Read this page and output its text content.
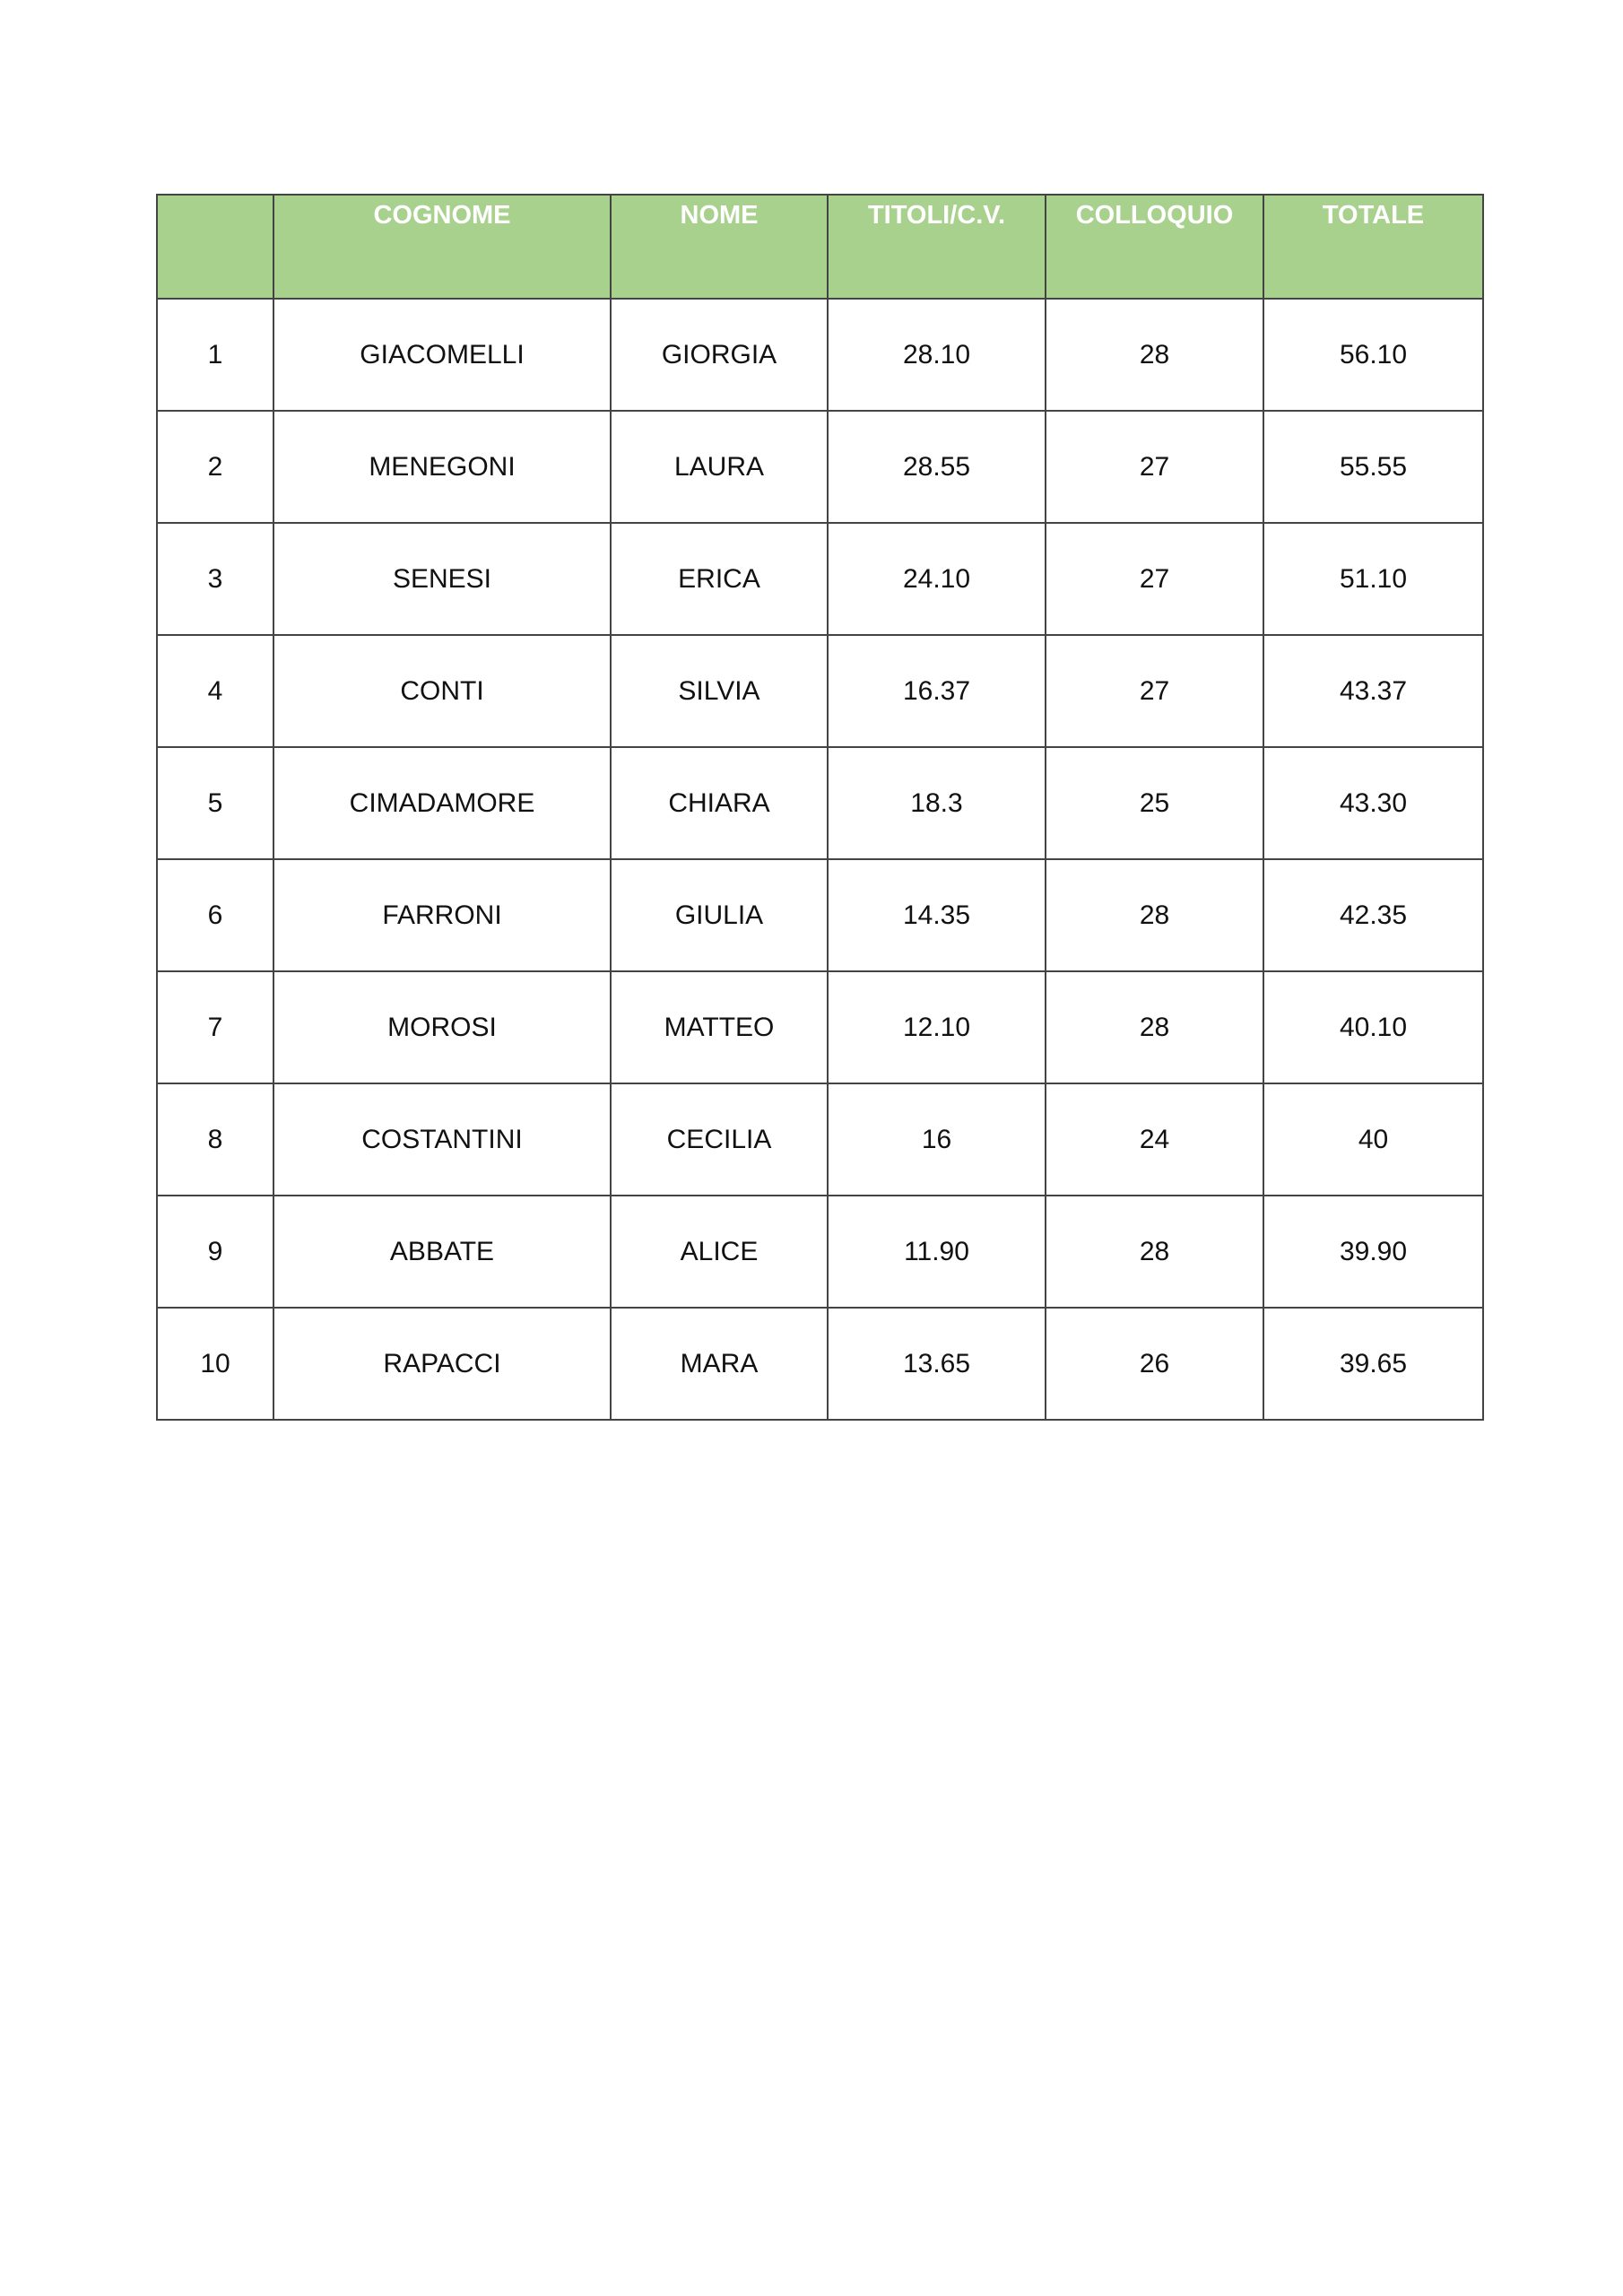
	COGNOME	NOME	TITOLI/C.V.	COLLOQUIO	TOTALE
1	GIACOMELLI	GIORGIA	28.10	28	56.10
2	MENEGONI	LAURA	28.55	27	55.55
3	SENESI	ERICA	24.10	27	51.10
4	CONTI	SILVIA	16.37	27	43.37
5	CIMADAMORE	CHIARA	18.3	25	43.30
6	FARRONI	GIULIA	14.35	28	42.35
7	MOROSI	MATTEO	12.10	28	40.10
8	COSTANTINI	CECILIA	16	24	40
9	ABBATE	ALICE	11.90	28	39.90
10	RAPACCI	MARA	13.65	26	39.65
